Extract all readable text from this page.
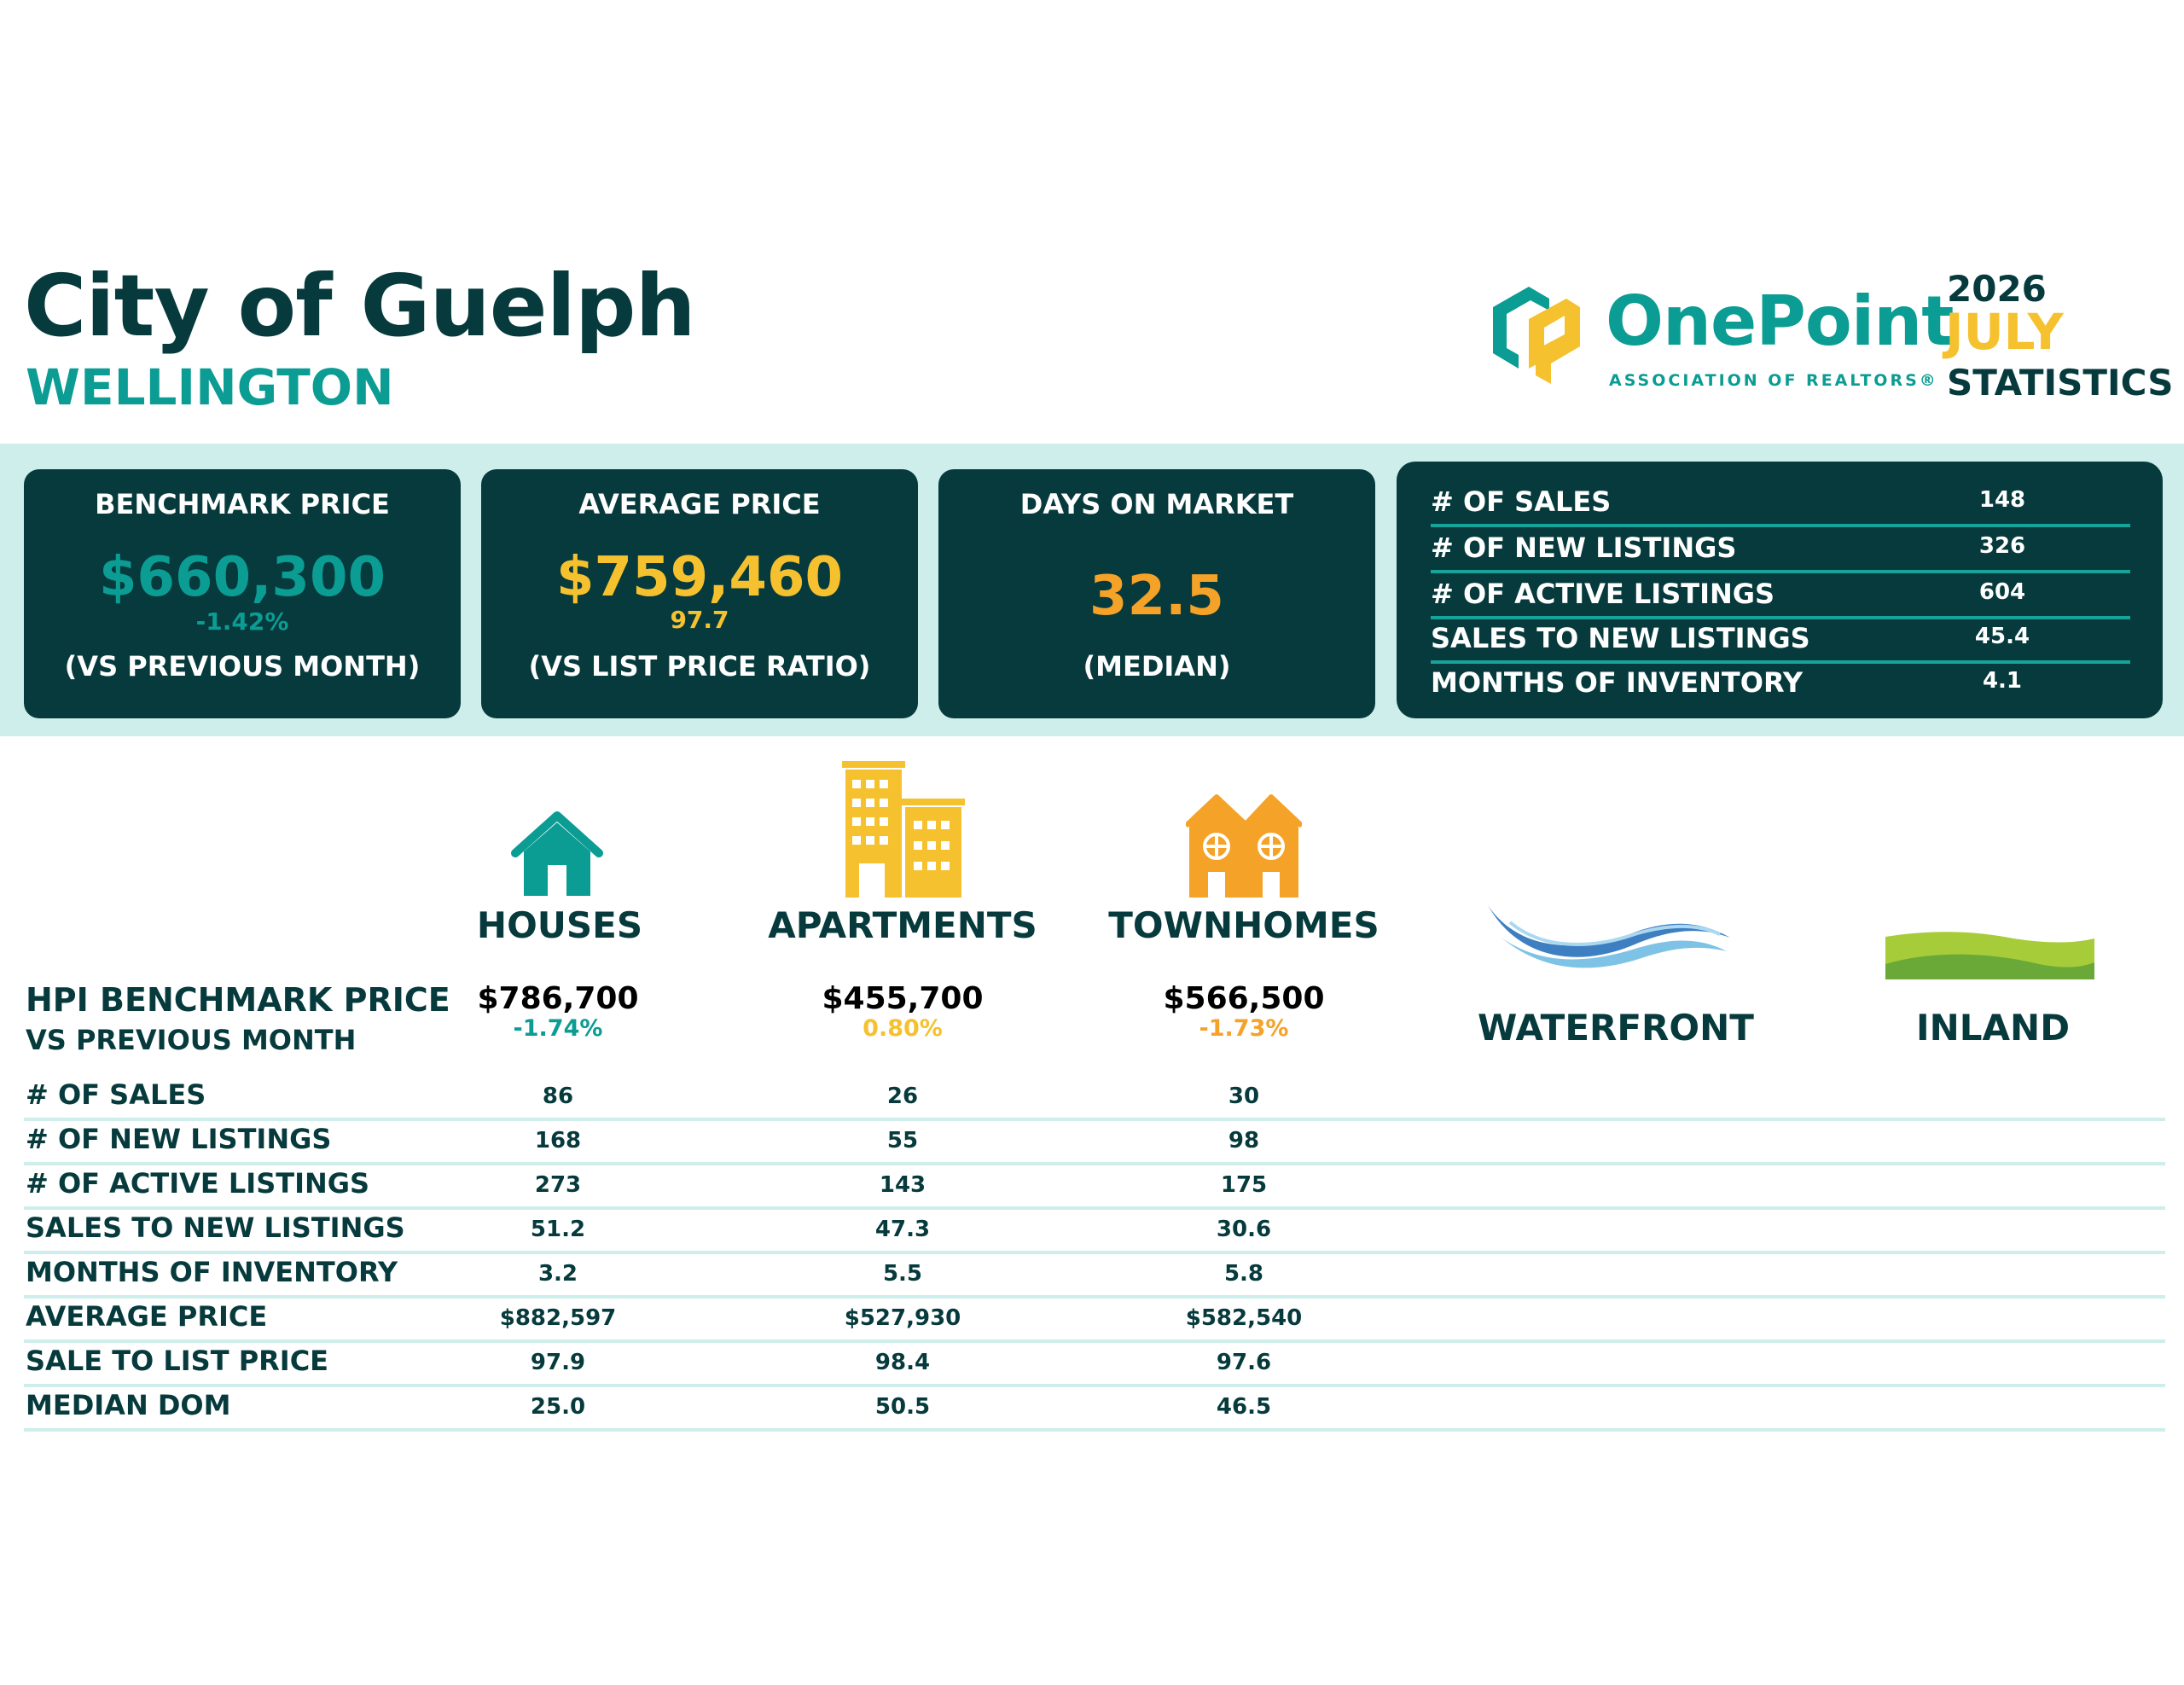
City of Guelph
WELLINGTON
OnePoint
ASSOCIATION OF REALTORS®
2026
JULY
STATISTICS
BENCHMARK PRICE
$660,300
-1.42%
(VS PREVIOUS MONTH)
AVERAGE PRICE
$759,460
97.7
(VS LIST PRICE RATIO)
DAYS ON MARKET
32.5
(MEDIAN)
# OF SALES	148
# OF NEW LISTINGS	326
# OF ACTIVE LISTINGS	604
SALES TO NEW LISTINGS	45.4
MONTHS OF INVENTORY	4.1
HOUSES	APARTMENTS TOWNHOMES
WATERFRONT	INLAND
HPI BENCHMARK PRICE
VS PREVIOUS MONTH
$786,700	$455,700	$566,500
-1.74%	0.80%	-1.73%
# OF SALES	86	26	30
# OF NEW LISTINGS	168	55	98
# OF ACTIVE LISTINGS	273	143	175
SALES TO NEW LISTINGS	51.2	47.3	30.6
MONTHS OF INVENTORY	3.2	5.5	5.8
AVERAGE PRICE	$882,597	$527,930	$582,540
SALE TO LIST PRICE	97.9	98.4	97.6
MEDIAN DOM	25.0	50.5	46.5
